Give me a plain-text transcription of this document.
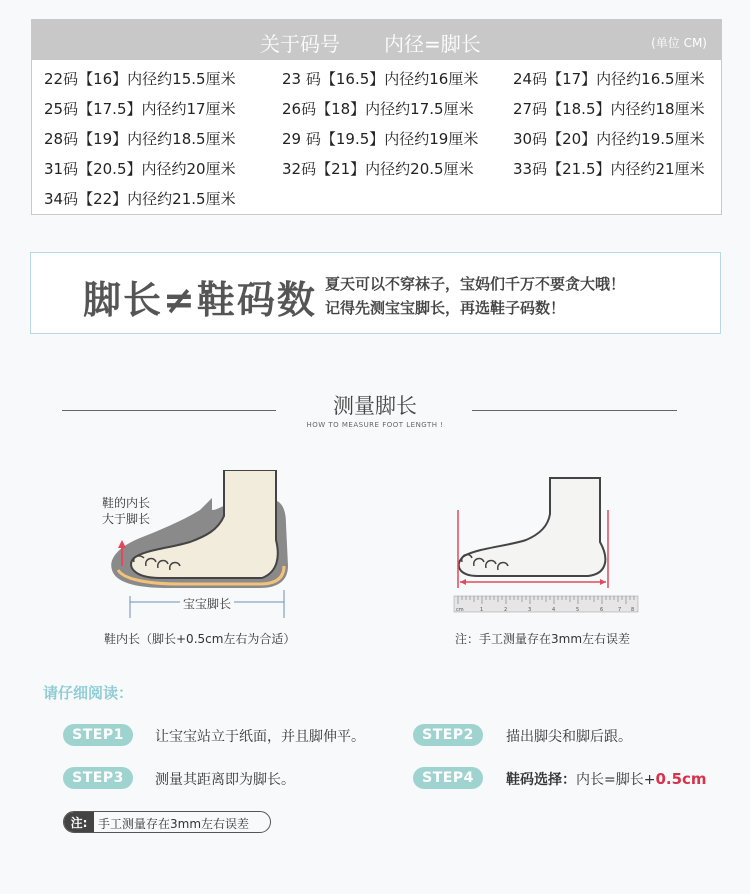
关于码号 内径=脚长	(单位 CM)
22码【16】内径约15.5厘米	23 码【16.5】内径约16厘米 24码【17】内径约16.5厘米
25码【17.5】内径约17厘米	26码【18】内径约17.5厘米	27码【18.5】内径约18厘米
28码【19】内径约18.5厘米	29 码【19.5】内径约19厘米 30码【20】内径约19.5厘米
31码【20.5】内径约20厘米	32码【21】内径约20.5厘米	33码【21.5】内径约21厘米
34码【22】内径约21.5厘米
脚长≠鞋码数 夏天可以不穿袜子，宝妈们千万不要贪大哦！
记得先测宝宝脚长，再选鞋子码数！
测量脚长
HOW TO MEASURE FOOT LENGTH !
鞋的内长
大于脚长
宝宝脚长
鞋内长（脚长+0.5cm左右为合适）
cm	1	2	3	4	5	6	7 8
注：手工测量存在3mm左右误差
请仔细阅读：
STEP1	让宝宝站立于纸面，并且脚伸平。	STEP2	描出脚尖和脚后跟。
STEP3	测量其距离即为脚长。	STEP4	鞋码选择：内长=脚长+0.5cm
注: 手工测量存在3mm左右误差
